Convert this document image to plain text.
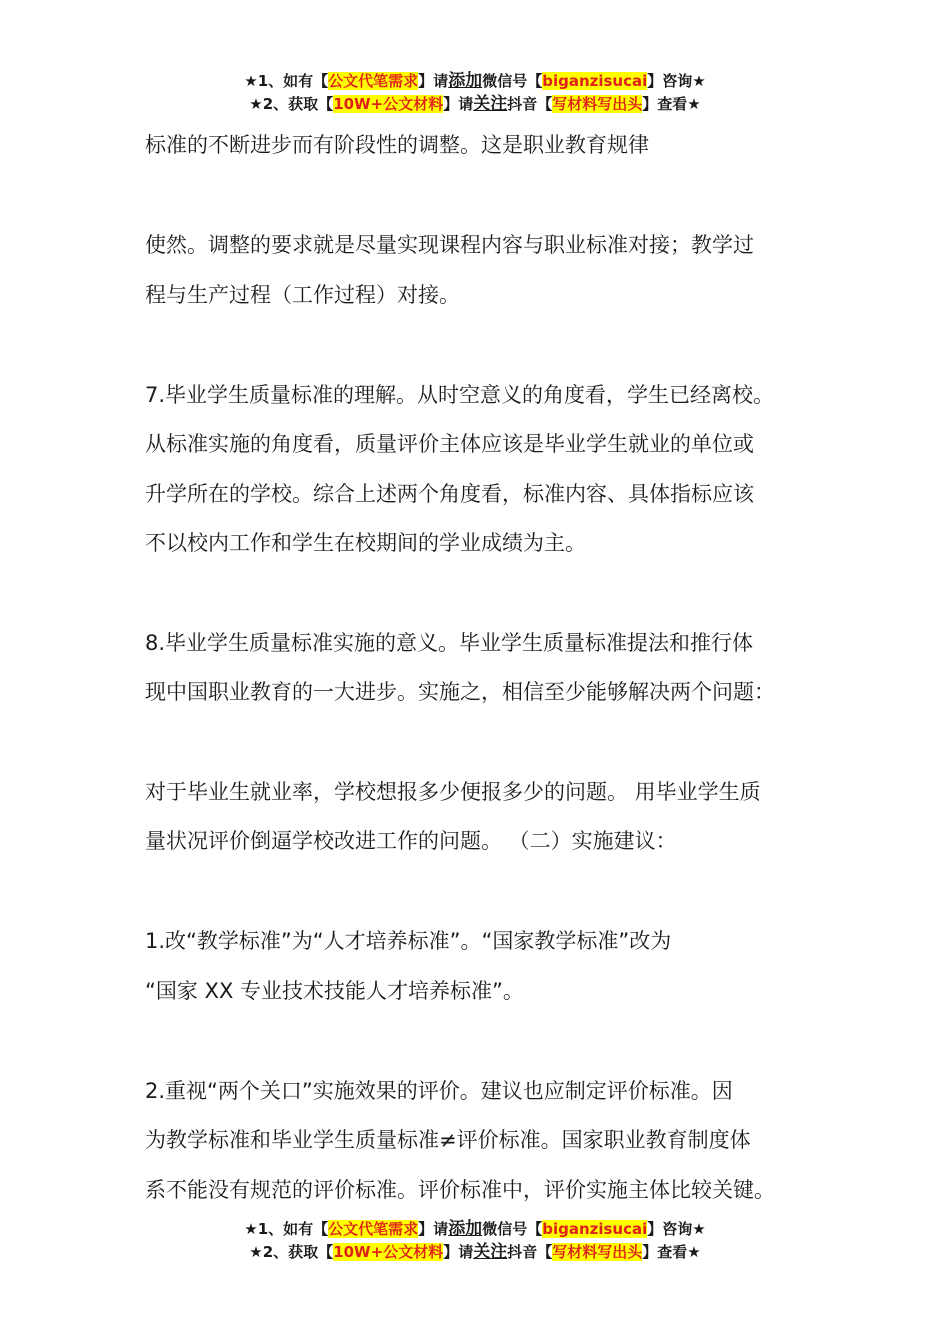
★1、如有【公文代笔需求】请添加微信号【biganzisucai】咨询★
★2、获取【10W+公文材料】请关注抖音【写材料写出头】查看★
标准的不断进步而有阶段性的调整。这是职业教育规律
使然。调整的要求就是尽量实现课程内容与职业标准对接；教学过
程与生产过程（工作过程）对接。
7.毕业学生质量标准的理解。从时空意义的角度看，学生已经离校。
从标准实施的角度看，质量评价主体应该是毕业学生就业的单位或
升学所在的学校。综合上述两个角度看，标准内容、具体指标应该
不以校内工作和学生在校期间的学业成绩为主。
8.毕业学生质量标准实施的意义。毕业学生质量标准提法和推行体
现中国职业教育的一大进步。实施之，相信至少能够解决两个问题：
对于毕业生就业率，学校想报多少便报多少的问题。 用毕业学生质
量状况评价倒逼学校改进工作的问题。 （二）实施建议：
1.改“教学标准”为“人才培养标准”。“国家教学标准”改为
“国家 XX 专业技术技能人才培养标准”。
2.重视“两个关口”实施效果的评价。建议也应制定评价标准。因
为教学标准和毕业学生质量标准≠评价标准。国家职业教育制度体
系不能没有规范的评价标准。评价标准中，评价实施主体比较关键。
★1、如有【公文代笔需求】请添加微信号【biganzisucai】咨询★
★2、获取【10W+公文材料】请关注抖音【写材料写出头】查看★
